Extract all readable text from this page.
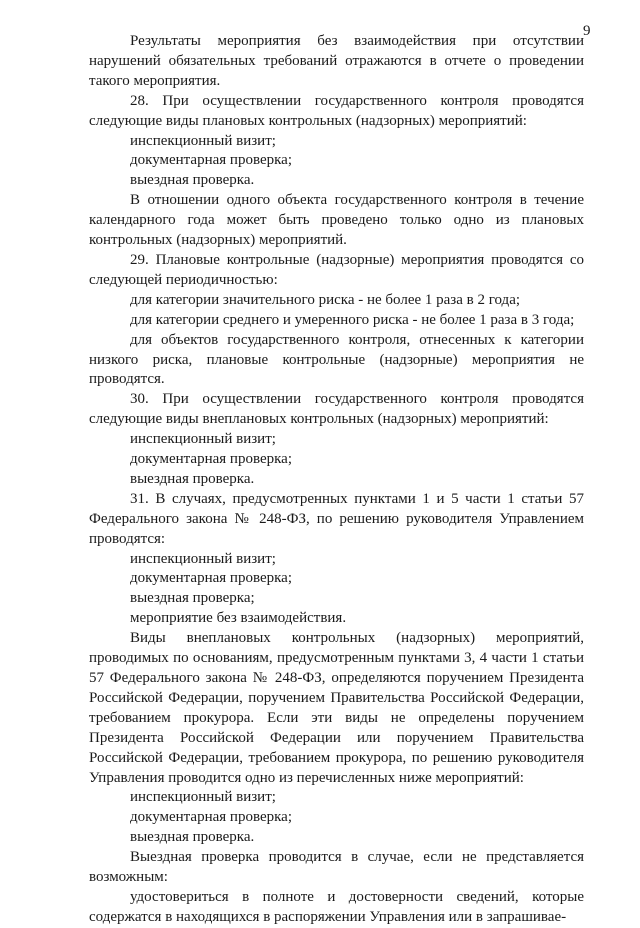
9

Результаты мероприятия без взаимодействия при отсутствии нарушений обязательных требований отражаются в отчете о проведении такого мероприятия.

28. При осуществлении государственного контроля проводятся следующие виды плановых контрольных (надзорных) мероприятий:

инспекционный визит;

документарная проверка;

выездная проверка.

В отношении одного объекта государственного контроля в течение календарного года может быть проведено только одно из плановых контрольных (надзорных) мероприятий.

29. Плановые контрольные (надзорные) мероприятия проводятся со следующей периодичностью:

для категории значительного риска - не более 1 раза в 2 года;

для категории среднего и умеренного риска - не более 1 раза в 3 года;

для объектов государственного контроля, отнесенных к категории низкого риска, плановые контрольные (надзорные) мероприятия не проводятся.

30. При осуществлении государственного контроля проводятся следующие виды внеплановых контрольных (надзорных) мероприятий:

инспекционный визит;

документарная проверка;

выездная проверка.

31. В случаях, предусмотренных пунктами 1 и 5 части 1 статьи 57 Федерального закона № 248-ФЗ, по решению руководителя Управлением проводятся:

инспекционный визит;

документарная проверка;

выездная проверка;

мероприятие без взаимодействия.

Виды внеплановых контрольных (надзорных) мероприятий, проводимых по основаниям, предусмотренным пунктами 3, 4 части 1 статьи 57 Федерального закона № 248-ФЗ, определяются поручением Президента Российской Федерации, поручением Правительства Российской Федерации, требованием прокурора. Если эти виды не определены поручением Президента Российской Федерации или поручением Правительства Российской Федерации, требованием прокурора, по решению руководителя Управления проводится одно из перечисленных ниже мероприятий:

инспекционный визит;

документарная проверка;

выездная проверка.

Выездная проверка проводится в случае, если не представляется возможным:

удостовериться в полноте и достоверности сведений, которые содержатся в находящихся в распоряжении Управления или в запрашивае-
